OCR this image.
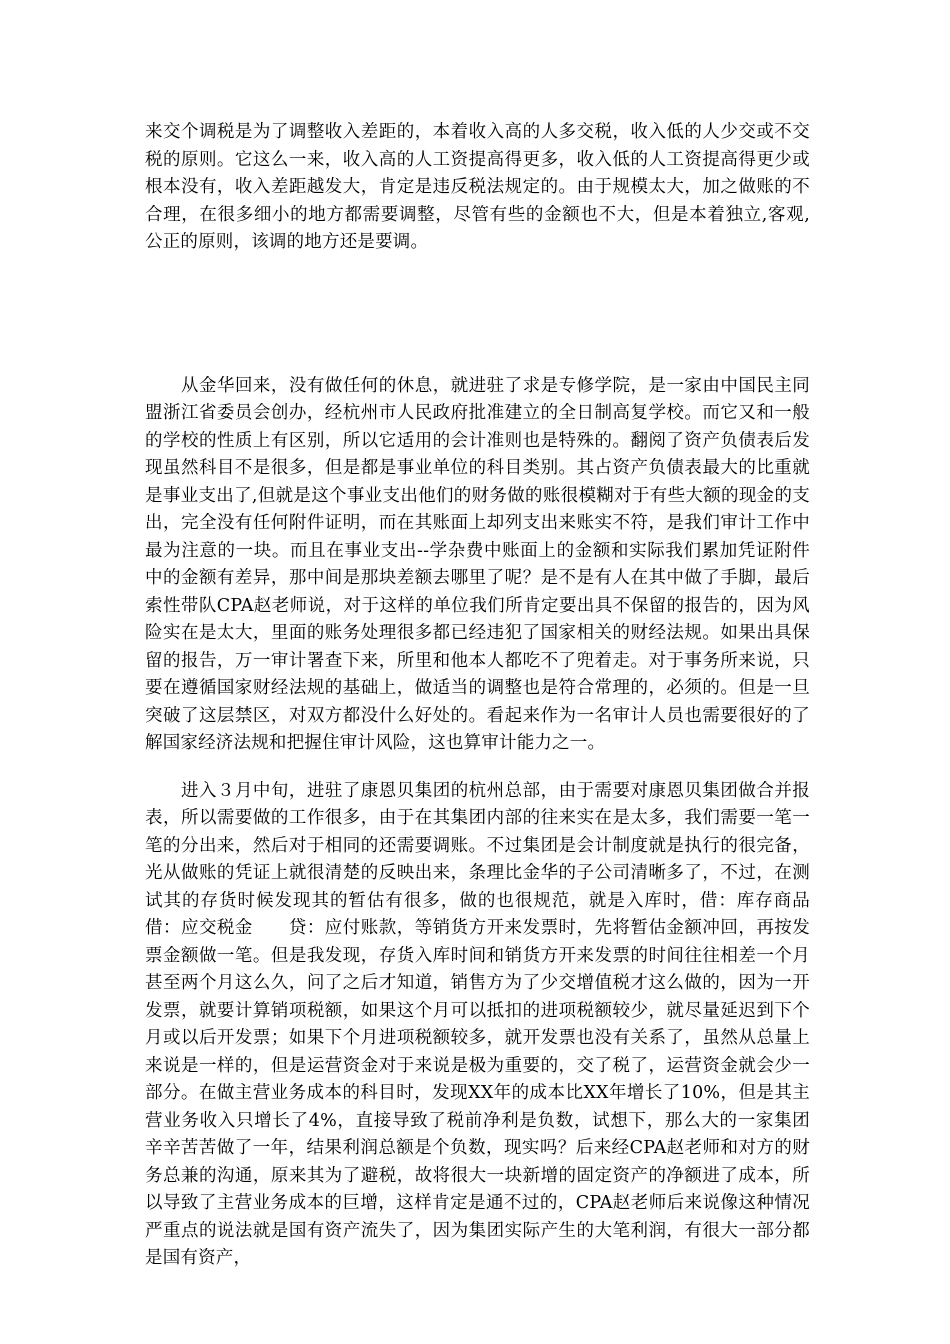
来交个调税是为了调整收入差距的，本着收入高的人多交税，收入低的人少交或不交税的原则。它这么一来，收入高的人工资提高得更多，收入低的人工资提高得更少或根本没有，收入差距越发大，肯定是违反税法规定的。由于规模太大，加之做账的不合理，在很多细小的地方都需要调整，尽管有些的金额也不大，但是本着独立,客观,公正的原则，该调的地方还是要调。

从金华回来，没有做任何的休息，就进驻了求是专修学院，是一家由中国民主同盟浙江省委员会创办，经杭州市人民政府批准建立的全日制高复学校。而它又和一般的学校的性质上有区别，所以它适用的会计准则也是特殊的。翻阅了资产负债表后发现虽然科目不是很多，但是都是事业单位的科目类别。其占资产负债表最大的比重就是事业支出了,但就是这个事业支出他们的财务做的账很模糊对于有些大额的现金的支出，完全没有任何附件证明，而在其账面上却列支出来账实不符，是我们审计工作中最为注意的一块。而且在事业支出--学杂费中账面上的金额和实际我们累加凭证附件中的金额有差异，那中间是那块差额去哪里了呢？是不是有人在其中做了手脚，最后索性带队CPA赵老师说，对于这样的单位我们所肯定要出具不保留的报告的，因为风险实在是太大，里面的账务处理很多都已经违犯了国家相关的财经法规。如果出具保留的报告，万一审计署查下来，所里和他本人都吃不了兜着走。对于事务所来说，只要在遵循国家财经法规的基础上，做适当的调整也是符合常理的，必须的。但是一旦突破了这层禁区，对双方都没什么好处的。看起来作为一名审计人员也需要很好的了解国家经济法规和把握住审计风险，这也算审计能力之一。

进入３月中旬，进驻了康恩贝集团的杭州总部，由于需要对康恩贝集团做合并报表，所以需要做的工作很多，由于在其集团内部的往来实在是太多，我们需要一笔一笔的分出来，然后对于相同的还需要调账。不过集团是会计制度就是执行的很完备，光从做账的凭证上就很清楚的反映出来，条理比金华的子公司清晰多了，不过，在测试其的存货时候发现其的暂估有很多，做的也很规范，就是入库时，借：库存商品　　借：应交税金　　贷：应付账款，等销货方开来发票时，先将暂估金额冲回，再按发票金额做一笔。但是我发现，存货入库时间和销货方开来发票的时间往往相差一个月甚至两个月这么久，问了之后才知道，销售方为了少交增值税才这么做的，因为一开发票，就要计算销项税额，如果这个月可以抵扣的进项税额较少，就尽量延迟到下个月或以后开发票；如果下个月进项税额较多，就开发票也没有关系了，虽然从总量上来说是一样的，但是运营资金对于来说是极为重要的，交了税了，运营资金就会少一部分。在做主营业务成本的科目时，发现XX年的成本比XX年增长了10%，但是其主营业务收入只增长了4%，直接导致了税前净利是负数，试想下，那么大的一家集团辛辛苦苦做了一年，结果利润总额是个负数，现实吗？后来经CPA赵老师和对方的财务总兼的沟通，原来其为了避税，故将很大一块新增的固定资产的净额进了成本，所以导致了主营业务成本的巨增，这样肯定是通不过的，CPA赵老师后来说像这种情况严重点的说法就是国有资产流失了，因为集团实际产生的大笔利润，有很大一部分都是国有资产，
